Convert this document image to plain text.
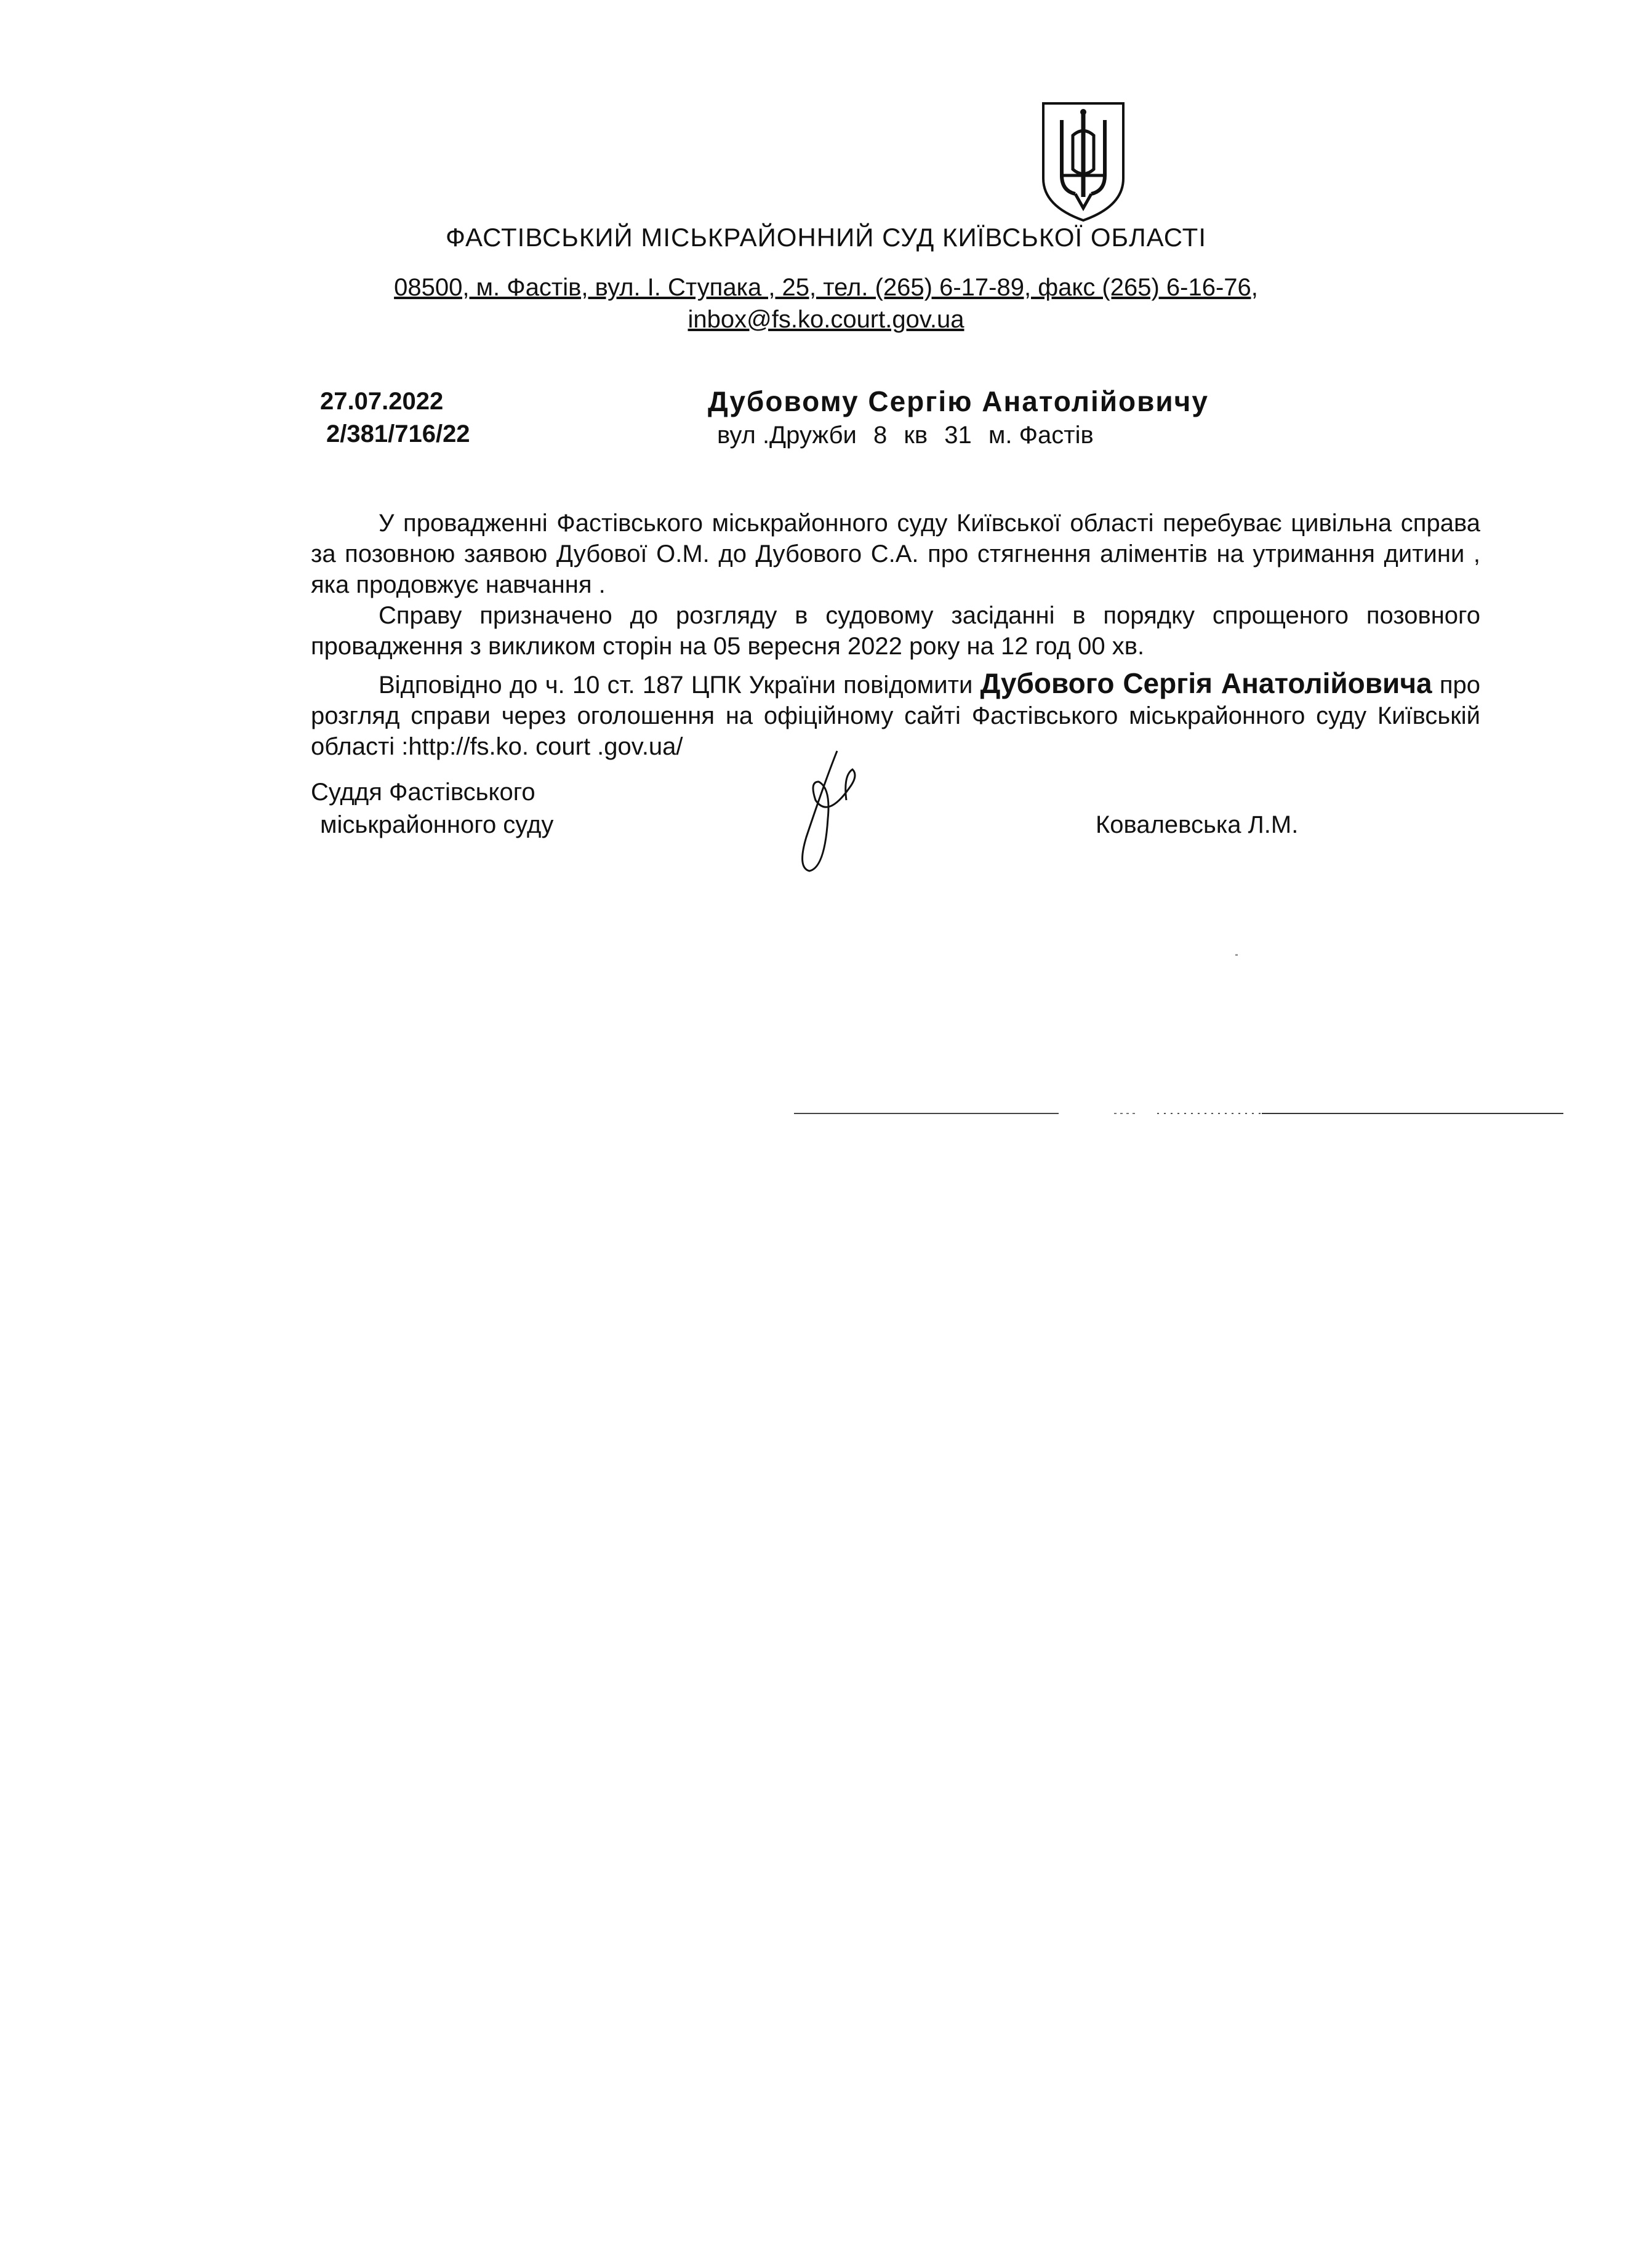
ФАСТІВСЬКИЙ МІСЬКРАЙОННИЙ СУД КИЇВСЬКОЇ ОБЛАСТІ
08500, м. Фастів, вул. І. Ступака , 25, тел. (265) 6-17-89, факс (265) 6-16-76,
inbox@fs.ko.court.gov.ua
27.07.2022
2/381/716/22
Дубовому Сергію Анатолійовичу
вул .Дружби 8 кв 31 м. Фастів

У провадженні Фастівського міськрайонного суду Київської області перебуває цивільна справа за позовною заявою Дубової О.М. до Дубового С.А. про стягнення аліментів на утримання дитини , яка продовжує навчання .

Справу призначено до розгляду в судовому засіданні в порядку спрощеного позовного провадження з викликом сторін на 05 вересня 2022 року на 12 год 00 хв.

Відповідно до ч. 10 ст. 187 ЦПК України повідомити Дубового Сергія Анатолійовича про розгляд справи через оголошення на офіційному сайті Фастівського міськрайонного суду Київській області :http://fs.ko. court .gov.ua/

Суддя Фастівського
міськрайонного суду	Ковалевська Л.М.
